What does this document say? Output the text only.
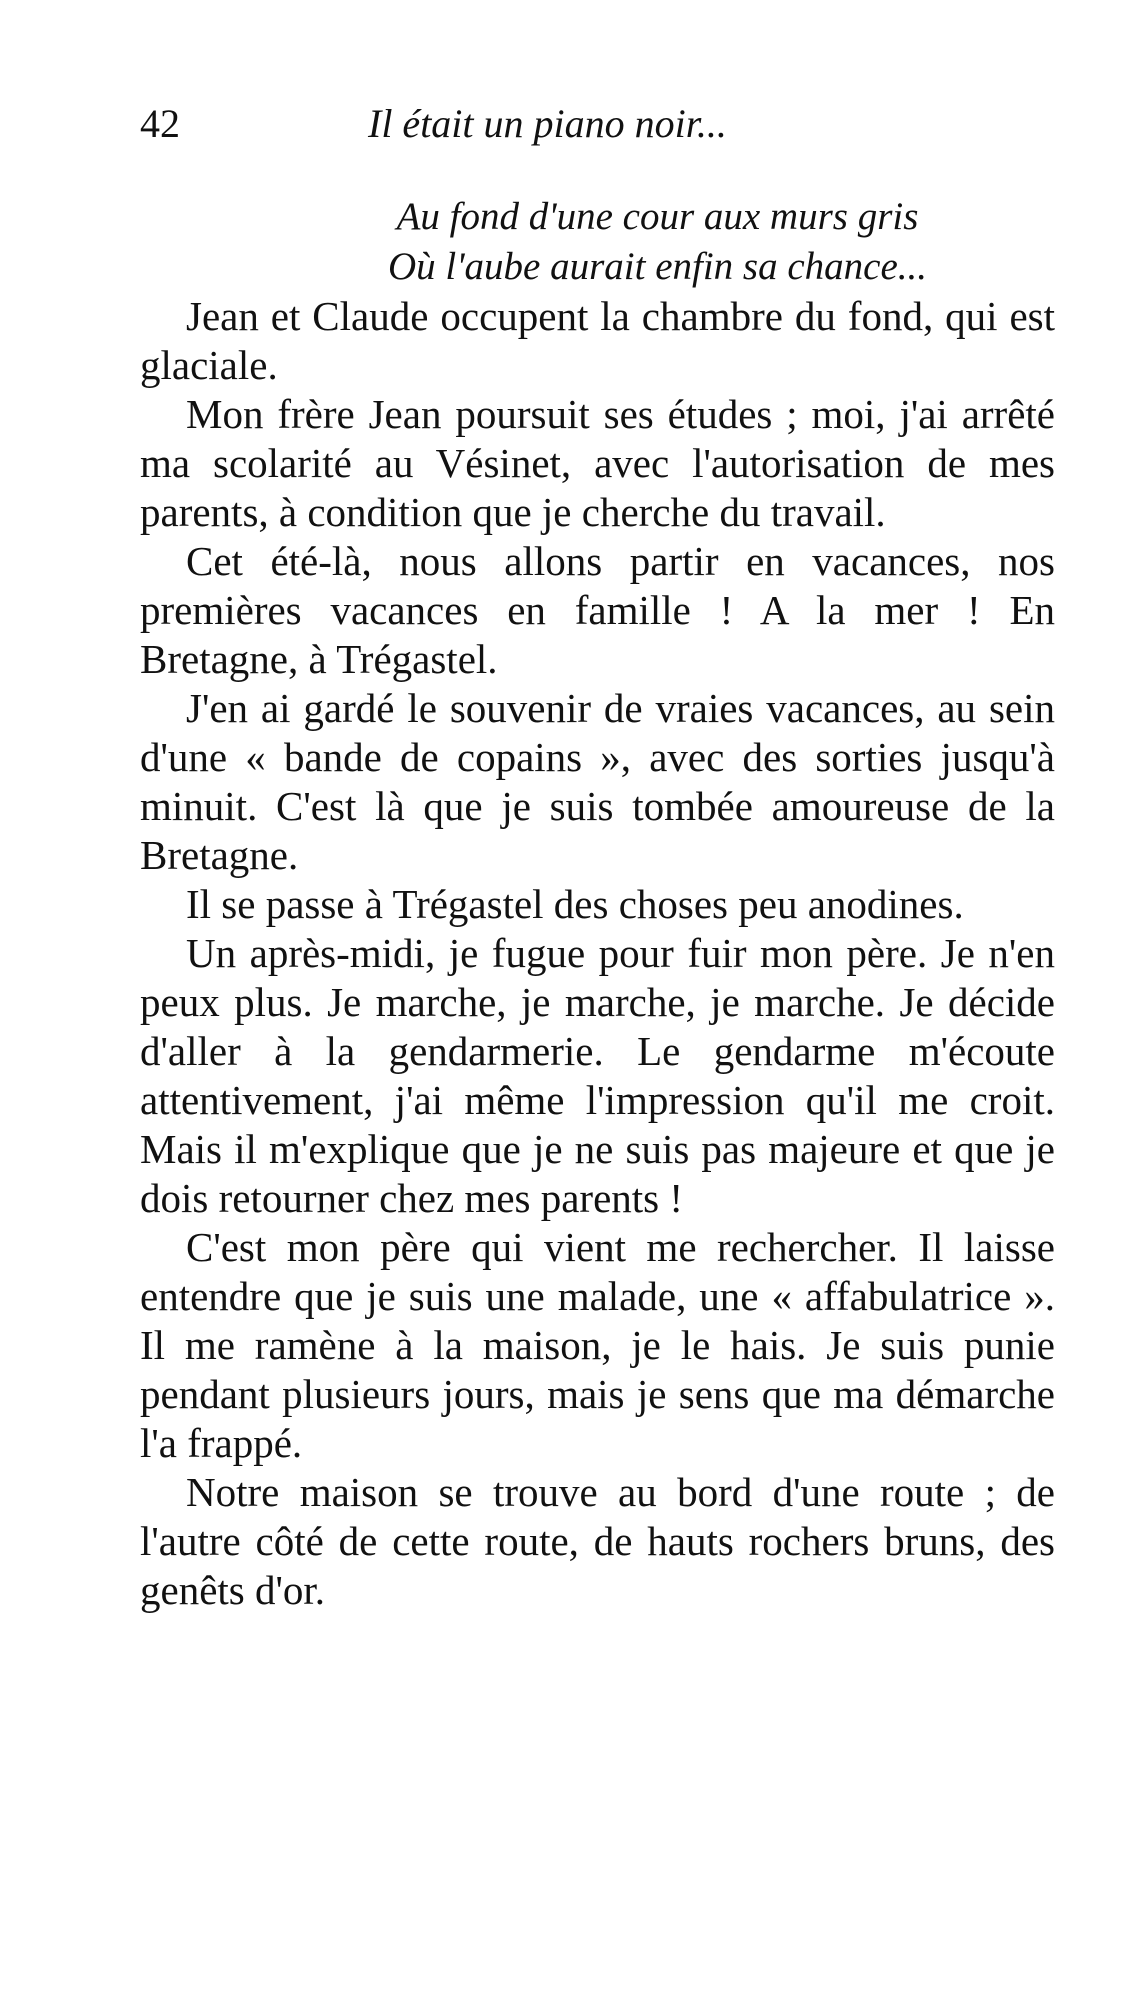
42	Il était un piano noir...
Au fond d'une cour aux murs gris
Où l'aube aurait enfin sa chance...

Jean et Claude occupent la chambre du fond, qui est glaciale.

Mon frère Jean poursuit ses études ; moi, j'ai arrêté ma scolarité au Vésinet, avec l'autorisation de mes parents, à condition que je cherche du travail.

Cet été-là, nous allons partir en vacances, nos premières vacances en famille ! A la mer ! En Bretagne, à Trégastel.

J'en ai gardé le souvenir de vraies vacances, au sein d'une « bande de copains », avec des sorties jusqu'à minuit. C'est là que je suis tombée amoureuse de la Bretagne.

Il se passe à Trégastel des choses peu anodines.

Un après-midi, je fugue pour fuir mon père. Je n'en peux plus. Je marche, je marche, je marche. Je décide d'aller à la gendarmerie. Le gendarme m'écoute attentivement, j'ai même l'impression qu'il me croit. Mais il m'explique que je ne suis pas majeure et que je dois retourner chez mes parents !

C'est mon père qui vient me rechercher. Il laisse entendre que je suis une malade, une « affabulatrice ». Il me ramène à la maison, je le hais. Je suis punie pendant plusieurs jours, mais je sens que ma démarche l'a frappé.

Notre maison se trouve au bord d'une route ; de l'autre côté de cette route, de hauts rochers bruns, des genêts d'or.
